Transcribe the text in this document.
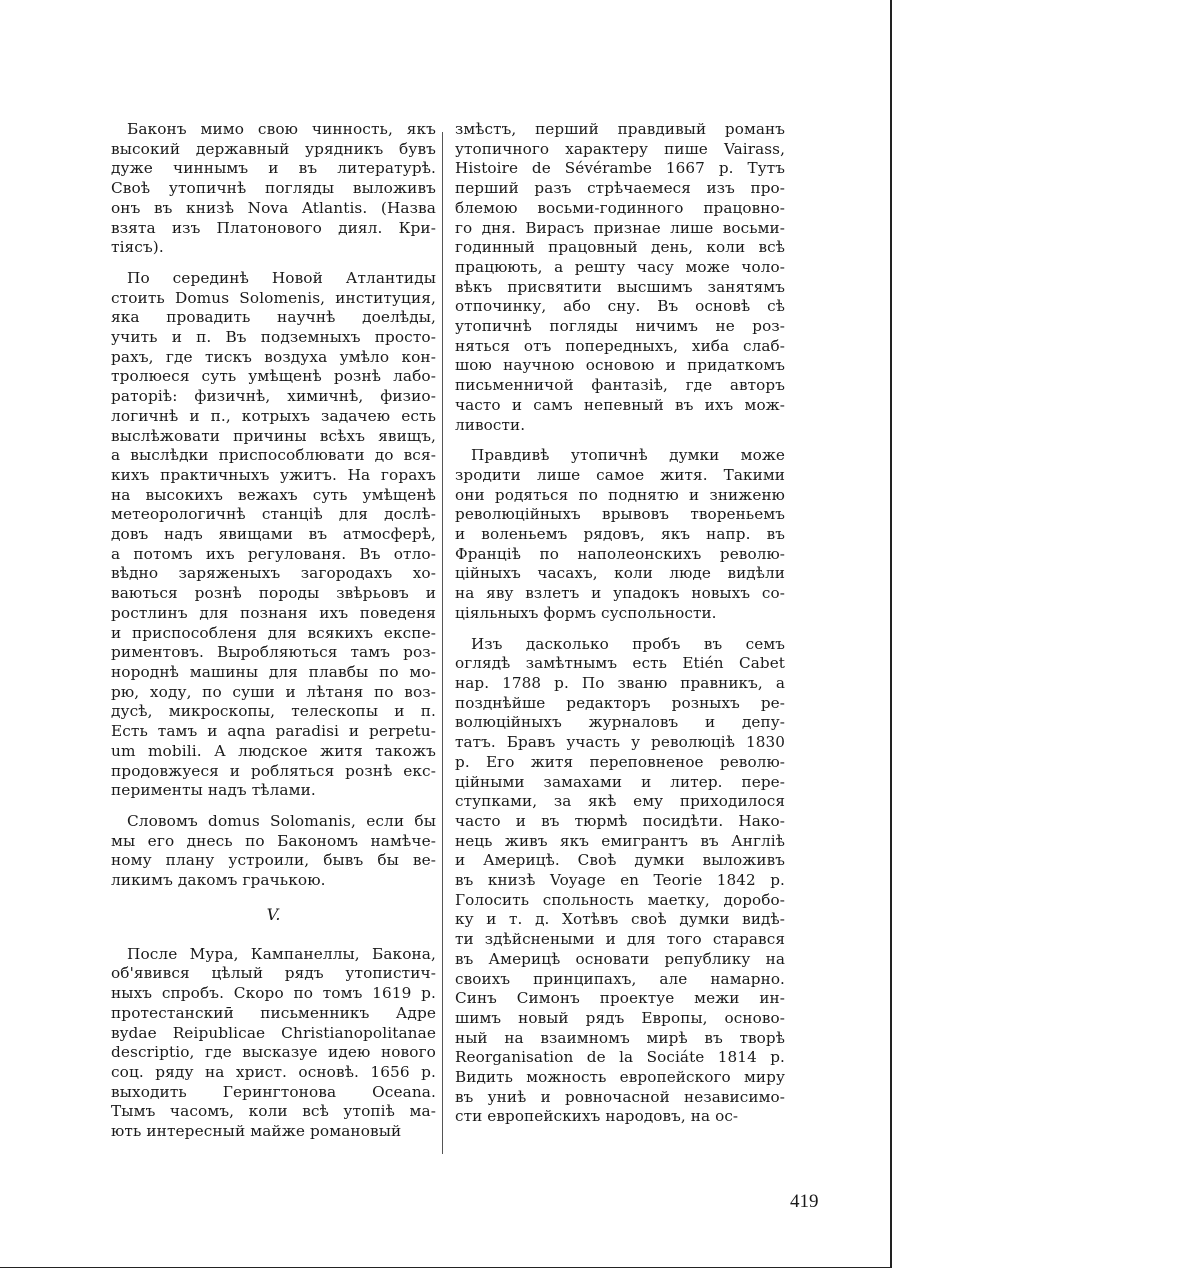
Баконъ мимо свою чинность, якъ
высокий державный урядникъ бувъ
дуже чиннымъ и въ литературѣ.
Своѣ утопичнѣ погляды выложивъ
онъ въ книзѣ Nova Atlantis. (Назва
взята изъ Платонового диял. Кри-
тіясъ).

По серединѣ Новой Атлантиды
стоить Domus Solomenis, институция,
яка провадить научнѣ доелѣды,
учить и п. Въ подземныхъ просто-
рахъ, где тискъ воздуха умѣло кон-
тролюеся суть умѣщенѣ рознѣ лабо-
раторіѣ: физичнѣ, химичнѣ, физио-
логичнѣ и п., котрыхъ задачею есть
выслѣжовати причины всѣхъ явищъ,
а выслѣдки приспособлювати до вся-
кихъ практичныхъ ужитъ. На горахъ
на высокихъ вежахъ суть умѣщенѣ
метеорологичнѣ станціѣ для дослѣ-
довъ надъ явищами въ атмосферѣ,
а потомъ ихъ регулованя. Въ отло-
вѣдно заряженыхъ загородахъ хо-
ваються рознѣ породы звѣрьовъ и
ростлинъ для познаня ихъ поведеня
и приспособленя для всякихъ експе-
риментовъ. Выробляються тамъ роз-
нороднѣ машины для плавбы по мо-
рю, ходу, по суши и лѣтаня по воз-
дусѣ, микроскопы, телескопы и п.
Есть тамъ и aqna paradisi и perpetu-
um mobili. А людское житя такожъ
продовжуеся и робляться рознѣ екс-
перименты надъ тѣлами.

Словомъ domus Solomanis, если бы
мы его днесь по Бакономъ намѣче-
ному плану устроили, бывъ бы ве-
ликимъ дакомъ грачькою.

V.

После Мура, Кампанеллы, Бакона,
об'явився цѣлый рядъ утопистич-
ныхъ спробъ. Скоро по томъ 1619 р.
протестанскиӣ письменникъ Адре
вydae Reipublicae Christianopolitanae
descriptio, где высказуе идею нового
соц. ряду на христ. основѣ. 1656 р.
выходить Герингтонова Oceana.
Тымъ часомъ, коли всѣ утопіѣ ма-
ють интересный майже романовый

змѣстъ, перший правдивый романъ
утопичного характеру пише Vairass,
Histoire de Sévérambe 1667 р. Тутъ
перший разъ стрѣчаемеся изъ про-
блемою восьми-годинного працовно-
го дня. Вирасъ признае лише восьми-
годинный працовный день, коли всѣ
працюють, а решту часу може чоло-
вѣкъ присвятити высшимъ занятямъ
отпочинку, або сну. Въ основѣ сѣ
утопичнѣ погляды ничимъ не роз-
няться отъ попередныхъ, хиба слаб-
шою научною основою и придаткомъ
письменничой фантазіѣ, где авторъ
часто и самъ непевный въ ихъ мож-
ливости.

Правдивѣ утопичнѣ думки може
зродити лише самое житя. Такими
они родяться по поднятю и зниженю
революційныхъ врывовъ твореньемъ
и воленьемъ рядовъ, якъ напр. въ
Франціѣ по наполеонскихъ револю-
ційныхъ часахъ, коли люде видѣли
на яву взлетъ и упадокъ новыхъ со-
ціяльныхъ формъ суспольности.

Изъ дасколько пробъ въ семъ
оглядѣ замѣтнымъ есть Etién Cabet
нар. 1788 р. По званю правникъ, а
позднѣйше редакторъ розныхъ ре-
волюційныхъ журналовъ и депу-
татъ. Бравъ участь у революціѣ 1830
р. Его житя переповненое револю-
ційными замахами и литер. пере-
ступками, за якѣ ему приходилося
часто и въ тюрмѣ посидѣти. Нако-
нець живъ якъ емигрантъ въ Англіѣ
и Америцѣ. Своѣ думки выложивъ
въ книзѣ Voyage en Teorie 1842 р.
Голосить спольность маетку, доробо-
ку и т. д. Хотѣвъ своѣ думки видѣ-
ти здѣйснеными и для того старався
въ Америцѣ основати републику на
своихъ принципахъ, але намарно.
Синъ Симонъ проектуе межи ин-
шимъ новый рядъ Европы, осново-
ный на взаимномъ мирѣ въ творѣ
Reorganisation de la Sociáte 1814 р.
Видить можность европейского миру
въ униѣ и ровночасной независимо-
сти европейскихъ народовъ, на ос-

419
